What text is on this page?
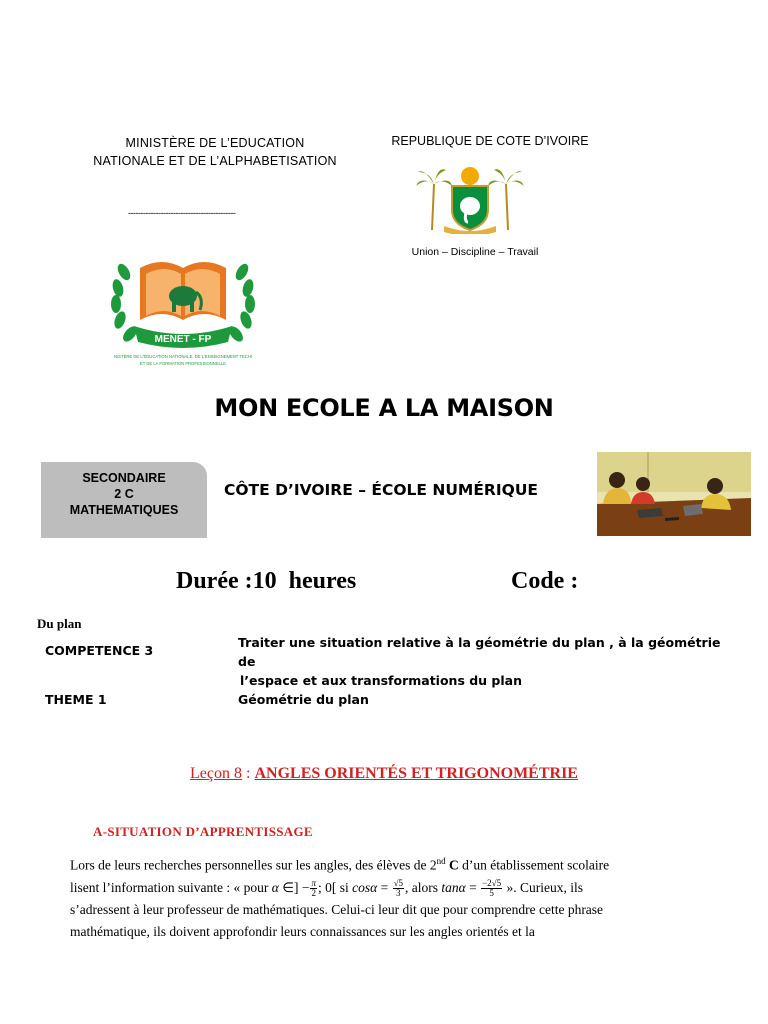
MINISTÈRE DE L’EDUCATION
NATIONALE ET DE L’ALPHABETISATION
-------------------------------------------
REPUBLIQUE DE COTE D’IVOIRE
Union – Discipline – Travail
MENET - FP
NISTÈRE DE L'ÉDUCATION NATIONALE, DE L'ENSEIGNEMENT TECHI
ET DE LA FORMATION PROFESSIONNELLE
MON ECOLE A LA MAISON
SECONDAIRE
2 C
MATHEMATIQUES
CÔTE D’IVOIRE – ÉCOLE NUMÉRIQUE
Durée :10  heures	Code :
Du plan
COMPETENCE 3
Traiter une situation relative à la géométrie du plan , à la géométrie de
l’espace et aux transformations du plan
THEME 1	Géométrie du plan
Leçon 8 : ANGLES ORIENTÉS ET TRIGONOMÉTRIE
A-SITUATION D’APPRENTISSAGE
Lors de leurs recherches personnelles sur les angles, des élèves de 2nd C d’un établissement scolaire
lisent l’information suivante : « pour α ∈] − $\frac{\pi}{2}$ ; 0[ si $\cos\alpha = \frac{√5}{3}$ , alors $\tan\alpha = \frac{-2√5}{5}$ ». Curieux, ils
s’adressent à leur professeur de mathématiques. Celui-ci leur dit que pour comprendre cette phrase
mathématique, ils doivent approfondir leurs connaissances sur les angles orientés et la
